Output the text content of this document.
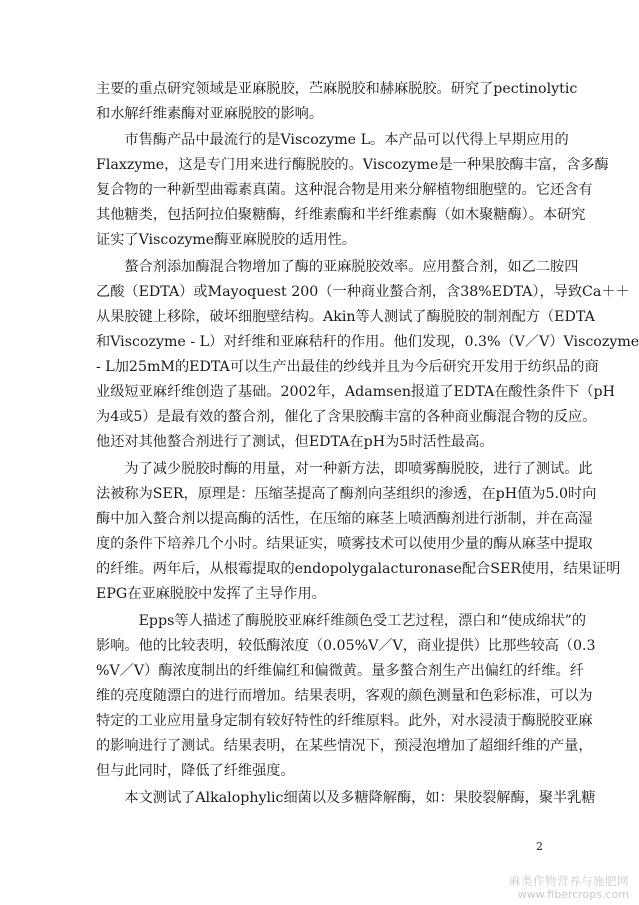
主要的重点研究领域是亚麻脱胶，苎麻脱胶和赫麻脱胶。研究了pectinolytic
和水解纤维素酶对亚麻脱胶的影响。
　　市售酶产品中最流行的是Viscozyme L。本产品可以代得上早期应用的
Flaxzyme，这是专门用来进行酶脱胶的。Viscozyme是一种果胶酶丰富，含多酶
复合物的一种新型曲霉素真菌。这种混合物是用来分解植物细胞壁的。它还含有
其他糖类，包括阿拉伯聚糖酶，纤维素酶和半纤维素酶（如木聚糖酶）。本研究
证实了Viscozyme酶亚麻脱胶的适用性。
　　螯合剂添加酶混合物增加了酶的亚麻脱胶效率。应用螯合剂，如乙二胺四
乙酸（EDTA）或Mayoquest 200（一种商业螯合剂，含38%EDTA），导致Ca＋＋
从果胶键上移除，破坏细胞壁结构。Akin等人测试了酶脱胶的制剂配方（EDTA
和Viscozyme - L）对纤维和亚麻秸秆的作用。他们发现，0.3%（V／V）Viscozyme
- L加25mM的EDTA可以生产出最佳的纱线并且为今后研究开发用于纺织品的商
业级短亚麻纤维创造了基础。2002年，Adamsen报道了EDTA在酸性条件下（pH
为4或5）是最有效的螯合剂，催化了含果胶酶丰富的各种商业酶混合物的反应。
他还对其他螯合剂进行了测试，但EDTA在pH为5时活性最高。
　　为了减少脱胶时酶的用量，对一种新方法，即喷雾酶脱胶，进行了测试。此
法被称为SER，原理是：压缩茎提高了酶剂向茎组织的渗透，在pH值为5.0时向
酶中加入螯合剂以提高酶的活性，在压缩的麻茎上喷洒酶剂进行浙制，并在高湿
度的条件下培养几个小时。结果证实，喷雾技术可以使用少量的酶从麻茎中提取
的纤维。两年后，从根霉提取的endopolygalacturonase配合SER使用，结果证明
EPG在亚麻脱胶中发挥了主导作用。
　　　Epps等人描述了酶脱胶亚麻纤维颜色受工艺过程，漂白和“使成绵状”的
影响。他的比较表明，较低酶浓度（0.05%V／V，商业提供）比那些较高（0.3
%V／V）酶浓度制出的纤维偏红和偏微黄。量多螯合剂生产出偏红的纤维。纤
维的亮度随漂白的进行而增加。结果表明，客观的颜色测量和色彩标准，可以为
特定的工业应用量身定制有较好特性的纤维原料。此外，对水浸渍于酶脱胶亚麻
的影响进行了测试。结果表明，在某些情况下，预浸泡增加了超细纤维的产量，
但与此同时，降低了纤维强度。
　　本文测试了Alkalophylic细菌以及多糖降解酶，如：果胶裂解酶，聚半乳糖
2
麻类作物营养与施肥网
www.fibercrops.com
